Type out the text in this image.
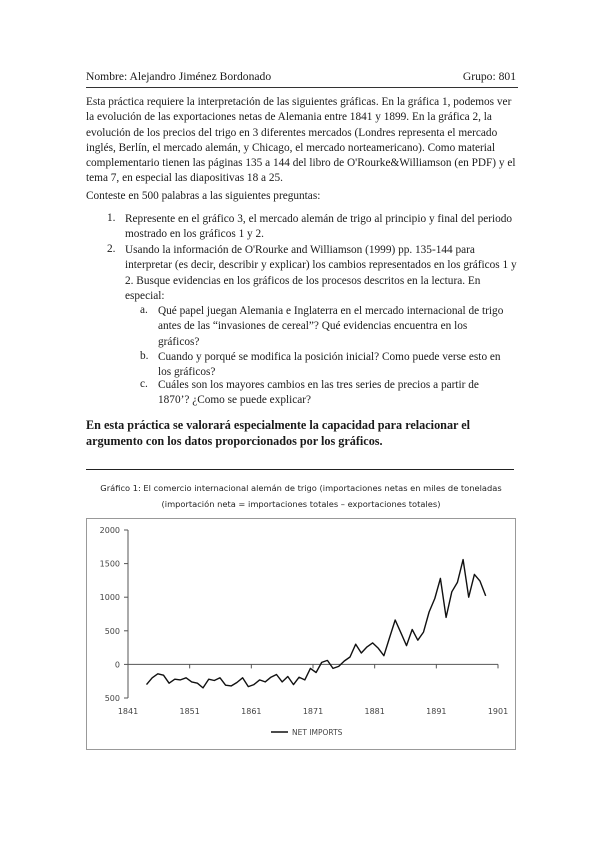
Nombre: Alejandro Jiménez Bordonado	Grupo: 801
Esta práctica requiere la interpretación de las siguientes gráficas. En la gráfica 1, podemos ver la evolución de las exportaciones netas de Alemania entre 1841 y 1899. En la gráfica 2, la evolución de los precios del trigo en 3 diferentes mercados (Londres representa el mercado inglés, Berlín, el mercado alemán, y Chicago, el mercado norteamericano). Como material complementario tienen las páginas 135 a 144 del libro de O'Rourke&Williamson (en PDF) y el tema 7, en especial las diapositivas 18 a 25.
Conteste en 500 palabras a las siguientes preguntas:
1. Represente en el gráfico 3, el mercado alemán de trigo al principio y final del periodo mostrado en los gráficos 1 y 2.
2. Usando la información de O'Rourke and Williamson (1999) pp. 135-144 para interpretar (es decir, describir y explicar) los cambios representados en los gráficos 1 y 2. Busque evidencias en los gráficos de los procesos descritos en la lectura. En especial:
a. Qué papel juegan Alemania e Inglaterra en el mercado internacional de trigo antes de las “invasiones de cereal”? Qué evidencias encuentra en los gráficos?
b. Cuando y porqué se modifica la posición inicial? Como puede verse esto en los gráficos?
c. Cuáles son los mayores cambios en las tres series de precios a partir de 1870’? ¿Como se puede explicar?
En esta práctica se valorará especialmente la capacidad para relacionar el argumento con los datos proporcionados por los gráficos.
Gráfico 1: El comercio internacional alemán de trigo (importaciones netas en miles de toneladas (importación neta = importaciones totales – exportaciones totales)
2000
1500
1000
500
0
500
1841	1851	1861	1871	1881	1891	1901
NET IMPORTS
